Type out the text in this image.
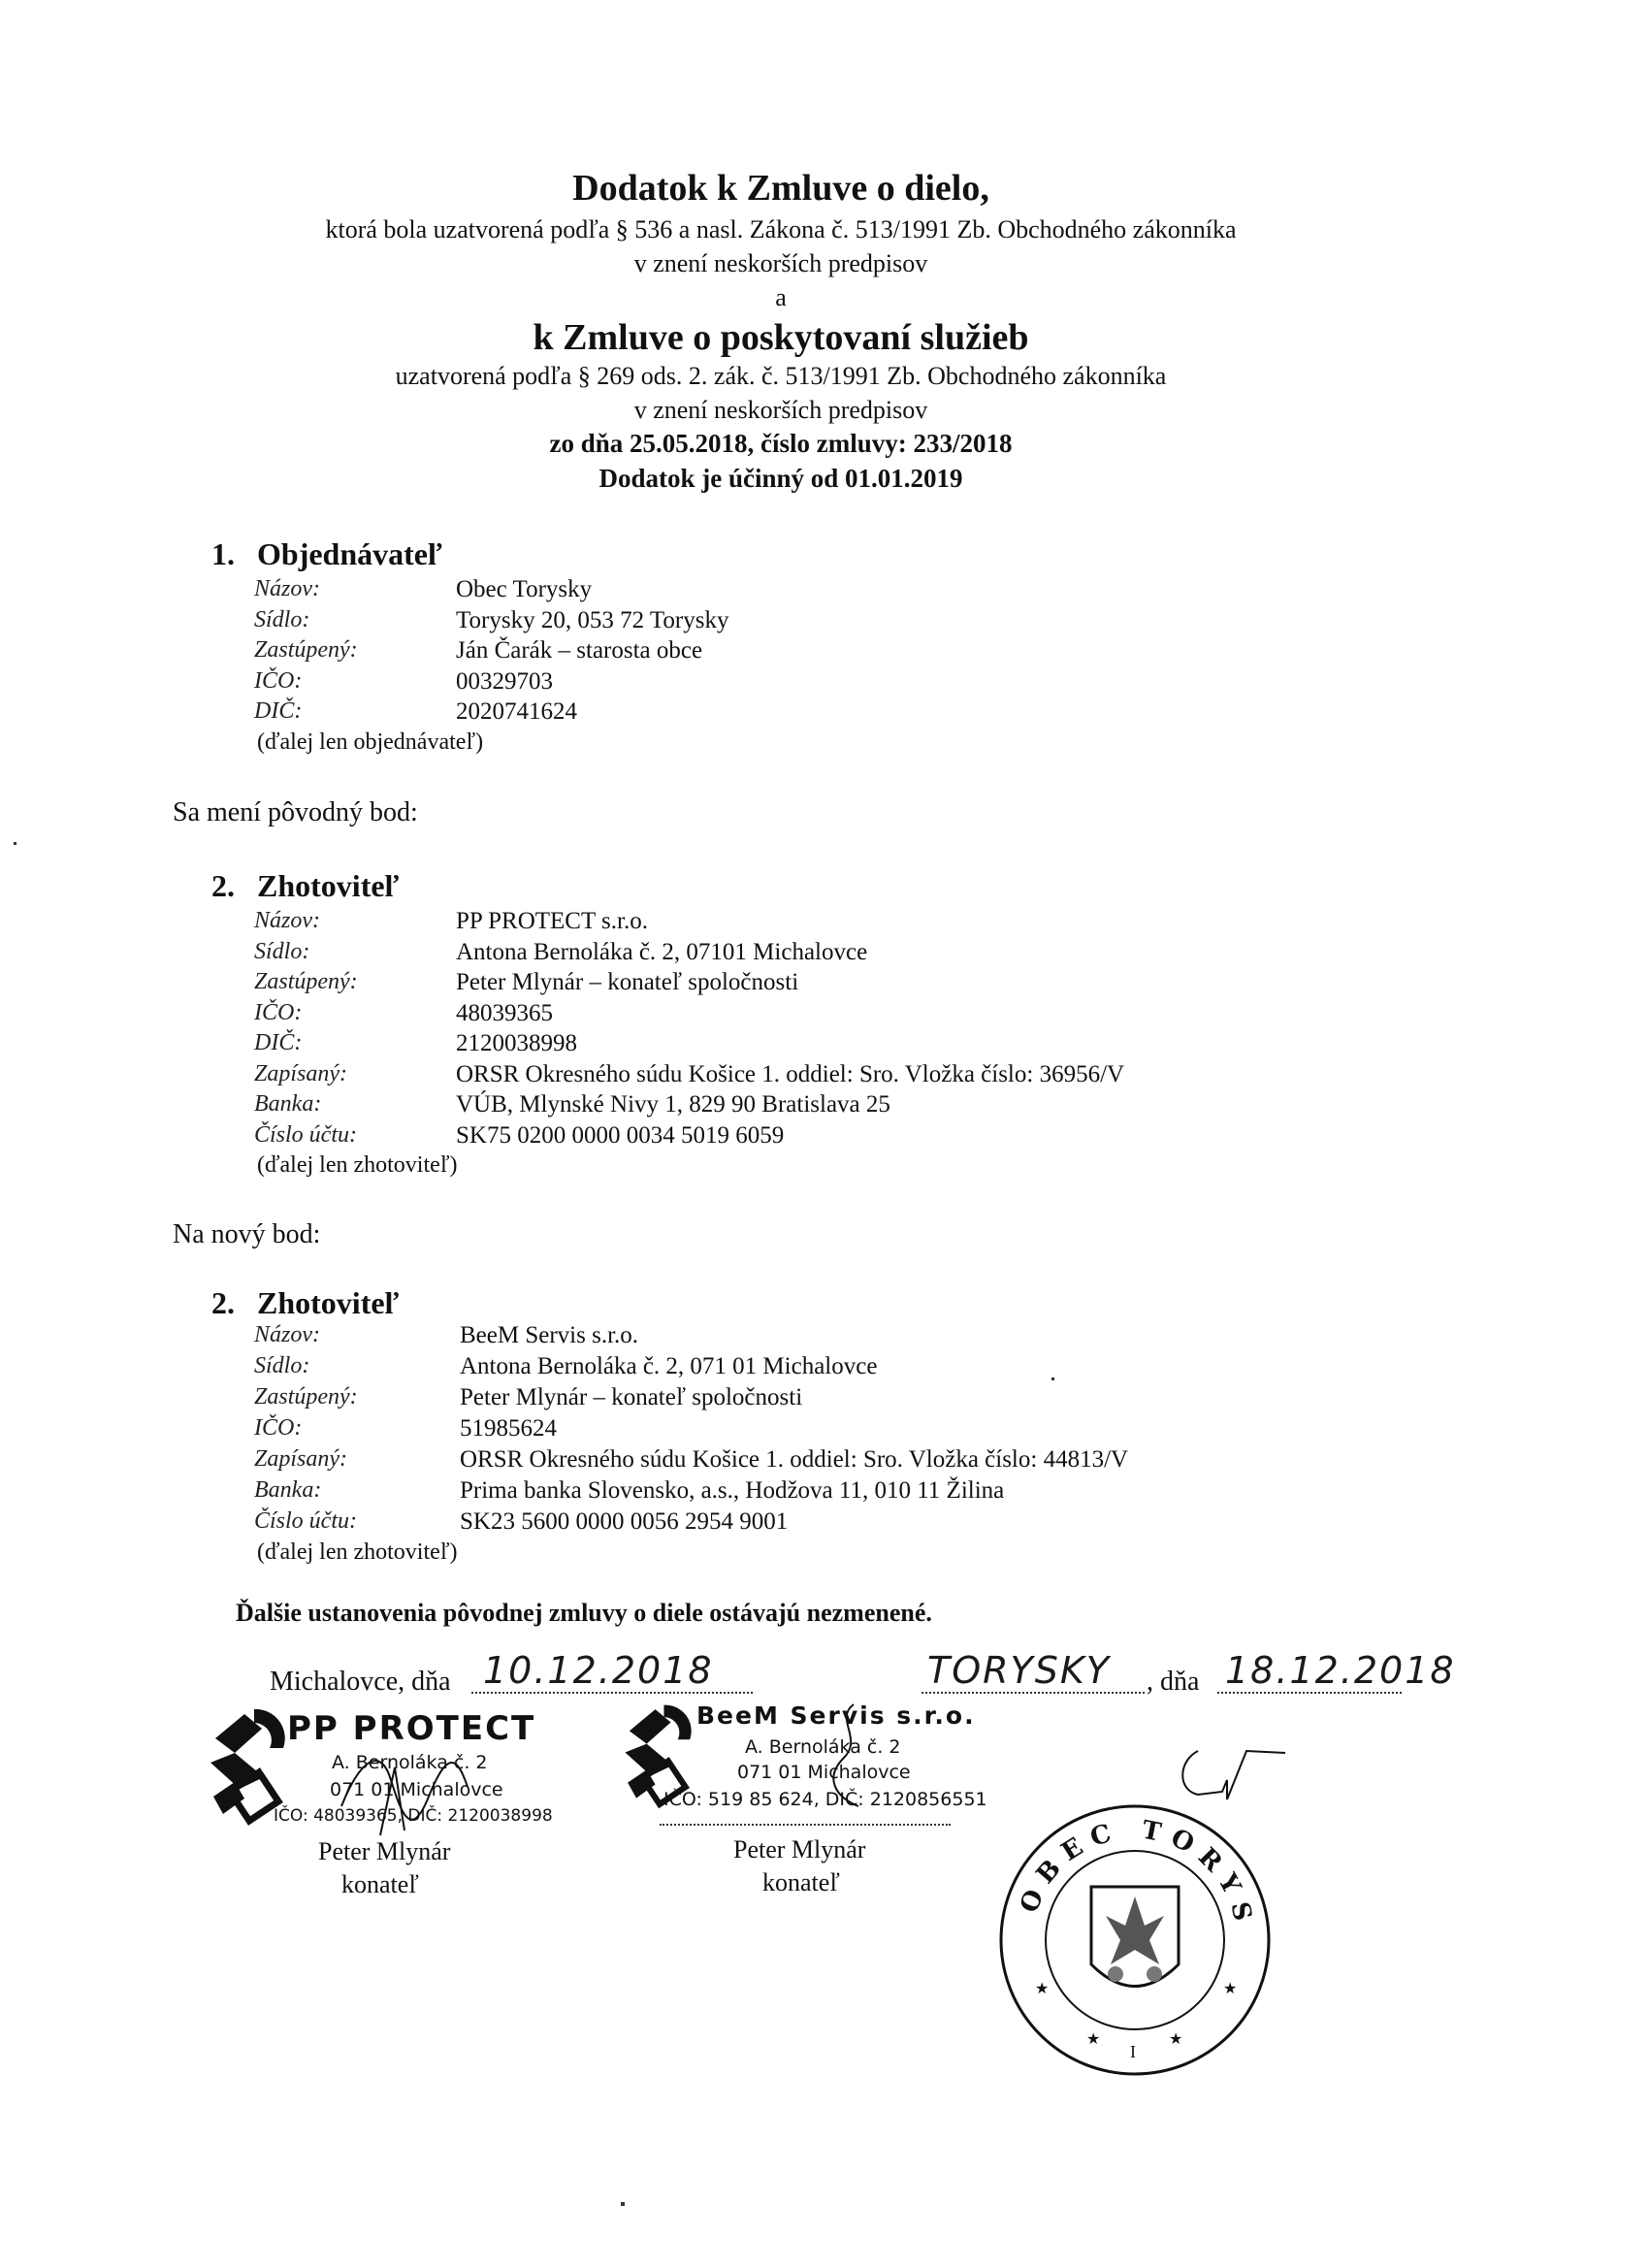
Dodatok k Zmluve o dielo,
ktorá bola uzatvorená podľa § 536 a nasl. Zákona č. 513/1991 Zb. Obchodného zákonníka
v znení neskorších predpisov
a
k Zmluve o poskytovaní služieb
uzatvorená podľa § 269 ods. 2. zák. č. 513/1991 Zb. Obchodného zákonníka
v znení neskorších predpisov
zo dňa 25.05.2018, číslo zmluvy: 233/2018
Dodatok je účinný od 01.01.2019
1. Objednávateľ
Názov:	Obec Torysky
Sídlo:	Torysky 20, 053 72 Torysky
Zastúpený:	Ján Čarák – starosta obce
IČO:	00329703
DIČ:	2020741624
(ďalej len objednávateľ)
Sa mení pôvodný bod:
2. Zhotoviteľ
Názov:	PP PROTECT s.r.o.
Sídlo:	Antona Bernoláka č. 2, 07101 Michalovce
Zastúpený:	Peter Mlynár – konateľ spoločnosti
IČO:	48039365
DIČ:	2120038998
Zapísaný:	ORSR Okresného súdu Košice 1. oddiel: Sro. Vložka číslo: 36956/V
Banka:	VÚB, Mlynské Nivy 1, 829 90 Bratislava 25
Číslo účtu:	SK75 0200 0000 0034 5019 6059
(ďalej len zhotoviteľ)
Na nový bod:
2. Zhotoviteľ
Názov:	BeeM Servis s.r.o.
Sídlo:	Antona Bernoláka č. 2, 071 01 Michalovce
Zastúpený:	Peter Mlynár – konateľ spoločnosti
IČO:	51985624
Zapísaný:	ORSR Okresného súdu Košice 1. oddiel: Sro. Vložka číslo: 44813/V
Banka:	Prima banka Slovensko, a.s., Hodžova 11, 010 11 Žilina
Číslo účtu:	SK23 5600 0000 0056 2954 9001
(ďalej len zhotoviteľ)
Ďalšie ustanovenia pôvodnej zmluvy o diele ostávajú nezmenené.
Michalovce, dňa 10.12.2018	TORYSKY , dňa 18.12.2018
PP PROTECT
A. Bernoláka č. 2
071 01 Michalovce
IČO: 48039365, DIČ: 2120038998
Peter Mlynár
konateľ
BeeM Servis s.r.o.
A. Bernoláka č. 2
071 01 Michalovce
IČO: 519 85 624, DIČ: 2120856551
Peter Mlynár
konateľ	OBEC TORYS
★
★	★
★
I
